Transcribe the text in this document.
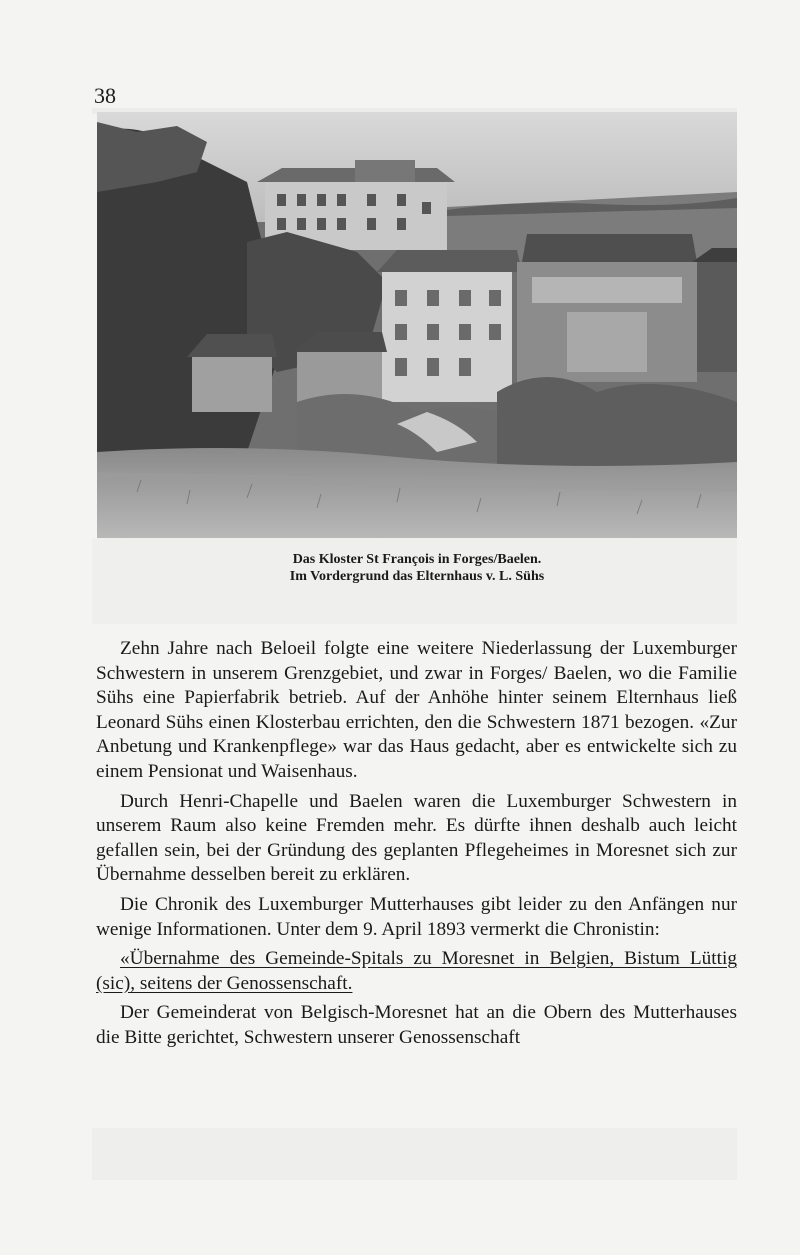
38
Das Kloster St François in Forges/Baelen.
Im Vordergrund das Elternhaus v. L. Sühs

Zehn Jahre nach Beloeil folgte eine weitere Niederlassung der Luxemburger Schwestern in unserem Grenzgebiet, und zwar in Forges/ Baelen, wo die Familie Sühs eine Papierfabrik betrieb. Auf der Anhöhe hinter seinem Elternhaus ließ Leonard Sühs einen Klosterbau errichten, den die Schwestern 1871 bezogen. «Zur Anbetung und Krankenpflege» war das Haus gedacht, aber es entwickelte sich zu einem Pensionat und Waisenhaus.

Durch Henri-Chapelle und Baelen waren die Luxemburger Schwestern in unserem Raum also keine Fremden mehr. Es dürfte ihnen deshalb auch leicht gefallen sein, bei der Gründung des geplanten Pflegeheimes in Moresnet sich zur Übernahme desselben bereit zu erklären.

Die Chronik des Luxemburger Mutterhauses gibt leider zu den Anfängen nur wenige Informationen. Unter dem 9. April 1893 vermerkt die Chronistin:

«Übernahme des Gemeinde-Spitals zu Moresnet in Belgien, Bistum Lüttig (sic), seitens der Genossenschaft.

Der Gemeinderat von Belgisch-Moresnet hat an die Obern des Mutterhauses die Bitte gerichtet, Schwestern unserer Genossenschaft
